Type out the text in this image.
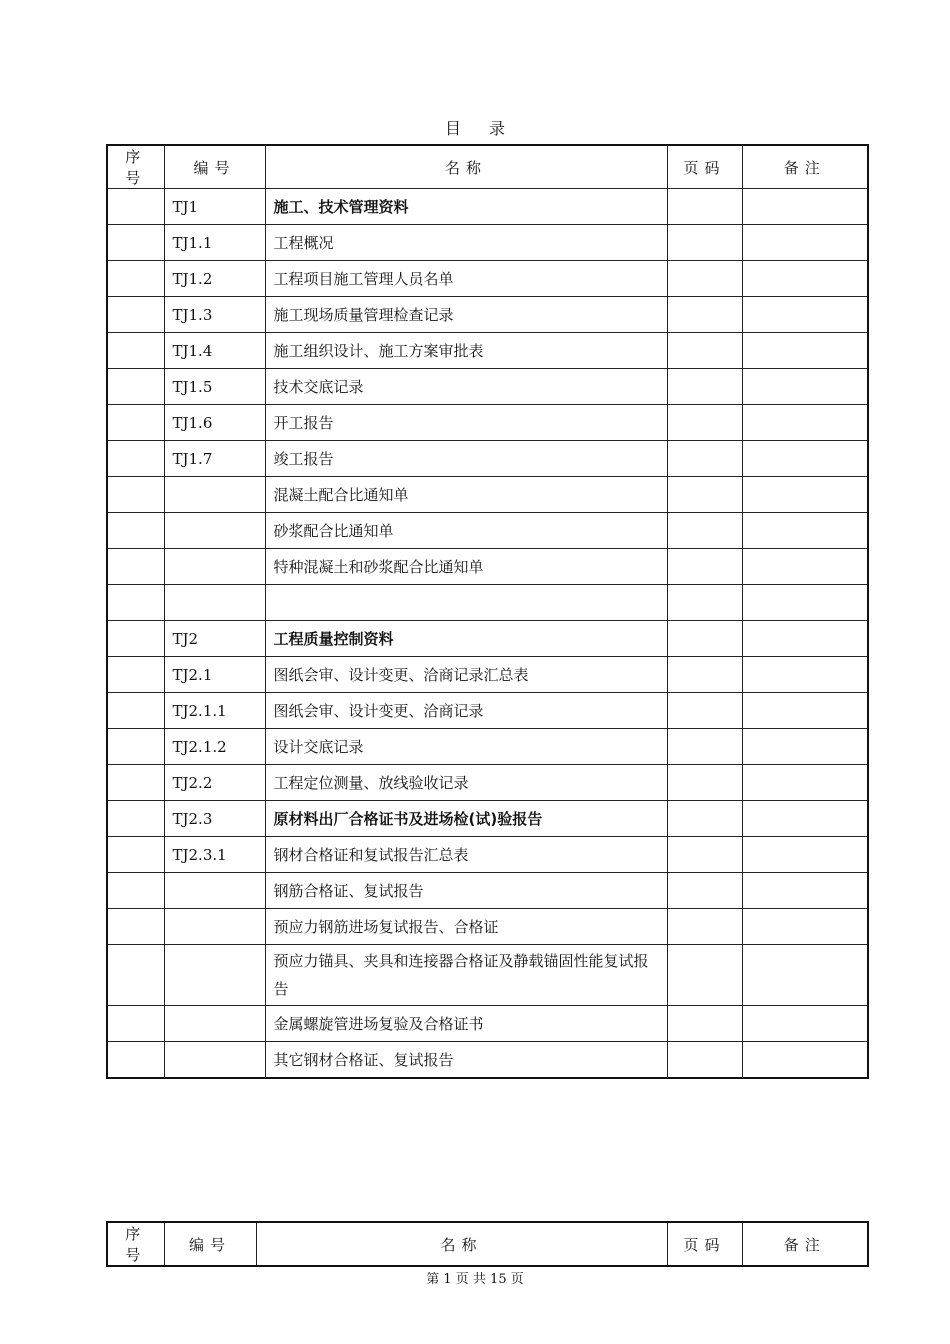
目录
序号	编号	名称	页码	备注
	TJ1	施工、技术管理资料		
	TJ1.1	工程概况		
	TJ1.2	工程项目施工管理人员名单		
	TJ1.3	施工现场质量管理检查记录		
	TJ1.4	施工组织设计、施工方案审批表		
	TJ1.5	技术交底记录		
	TJ1.6	开工报告		
	TJ1.7	竣工报告		
		混凝土配合比通知单		
		砂浆配合比通知单		
		特种混凝土和砂浆配合比通知单		

	TJ2	工程质量控制资料		
	TJ2.1	图纸会审、设计变更、洽商记录汇总表		
	TJ2.1.1	图纸会审、设计变更、洽商记录		
	TJ2.1.2	设计交底记录		
	TJ2.2	工程定位测量、放线验收记录		
	TJ2.3	原材料出厂合格证书及进场检(试)验报告		
	TJ2.3.1	钢材合格证和复试报告汇总表		
		钢筋合格证、复试报告		
		预应力钢筋进场复试报告、合格证		
		预应力锚具、夹具和连接器合格证及静载锚固性能复试报告		
		金属螺旋管进场复验及合格证书		
		其它钢材合格证、复试报告		
序号	编号	名称	页码	备注
第 1 页 共 15 页
